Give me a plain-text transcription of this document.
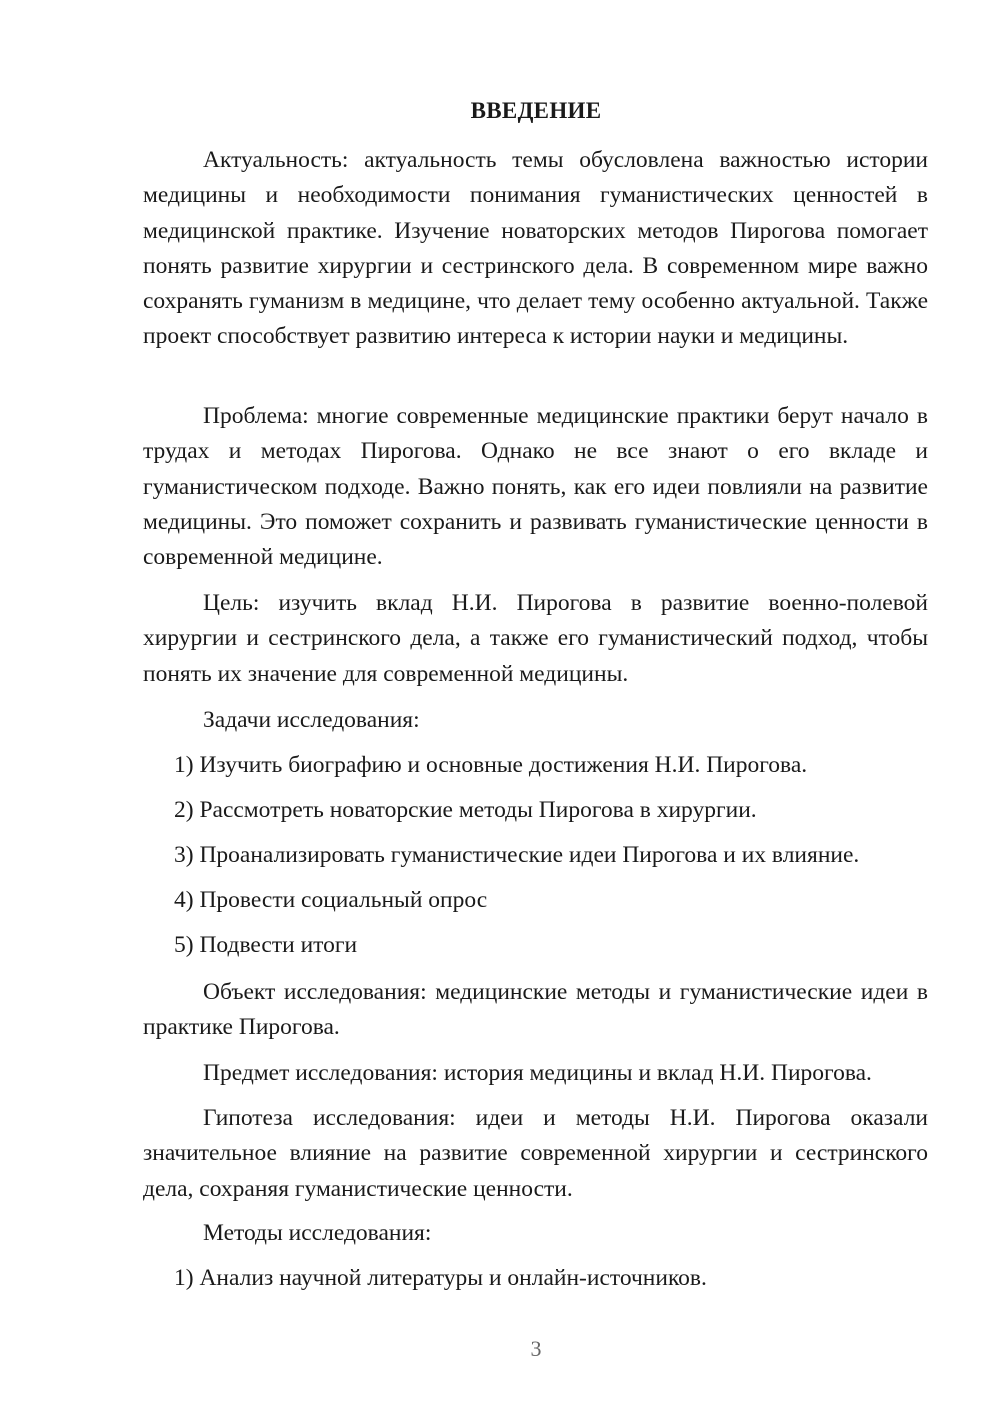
ВВЕДЕНИЕ

Актуальность: актуальность темы обусловлена важностью истории медицины и необходимости понимания гуманистических ценностей в медицинской практике. Изучение новаторских методов Пирогова помогает понять развитие хирургии и сестринского дела. В современном мире важно сохранять гуманизм в медицине, что делает тему особенно актуальной. Также проект способствует развитию интереса к истории науки и медицины.

Проблема: многие современные медицинские практики берут начало в трудах и методах Пирогова. Однако не все знают о его вкладе и гуманистическом подходе. Важно понять, как его идеи повлияли на развитие медицины. Это поможет сохранить и развивать гуманистические ценности в современной медицине.

Цель: изучить вклад Н.И. Пирогова в развитие военно-полевой хирургии и сестринского дела, а также его гуманистический подход, чтобы понять их значение для современной медицины.

Задачи исследования:

1) Изучить биографию и основные достижения Н.И. Пирогова.

2) Рассмотреть новаторские методы Пирогова в хирургии.

3) Проанализировать гуманистические идеи Пирогова и их влияние.

4) Провести социальный опрос

5) Подвести итоги

Объект исследования: медицинские методы и гуманистические идеи в практике Пирогова.

Предмет исследования: история медицины и вклад Н.И. Пирогова.

Гипотеза исследования: идеи и методы Н.И. Пирогова оказали значительное влияние на развитие современной хирургии и сестринского дела, сохраняя гуманистические ценности.

Методы исследования:

1) Анализ научной литературы и онлайн-источников.

3
